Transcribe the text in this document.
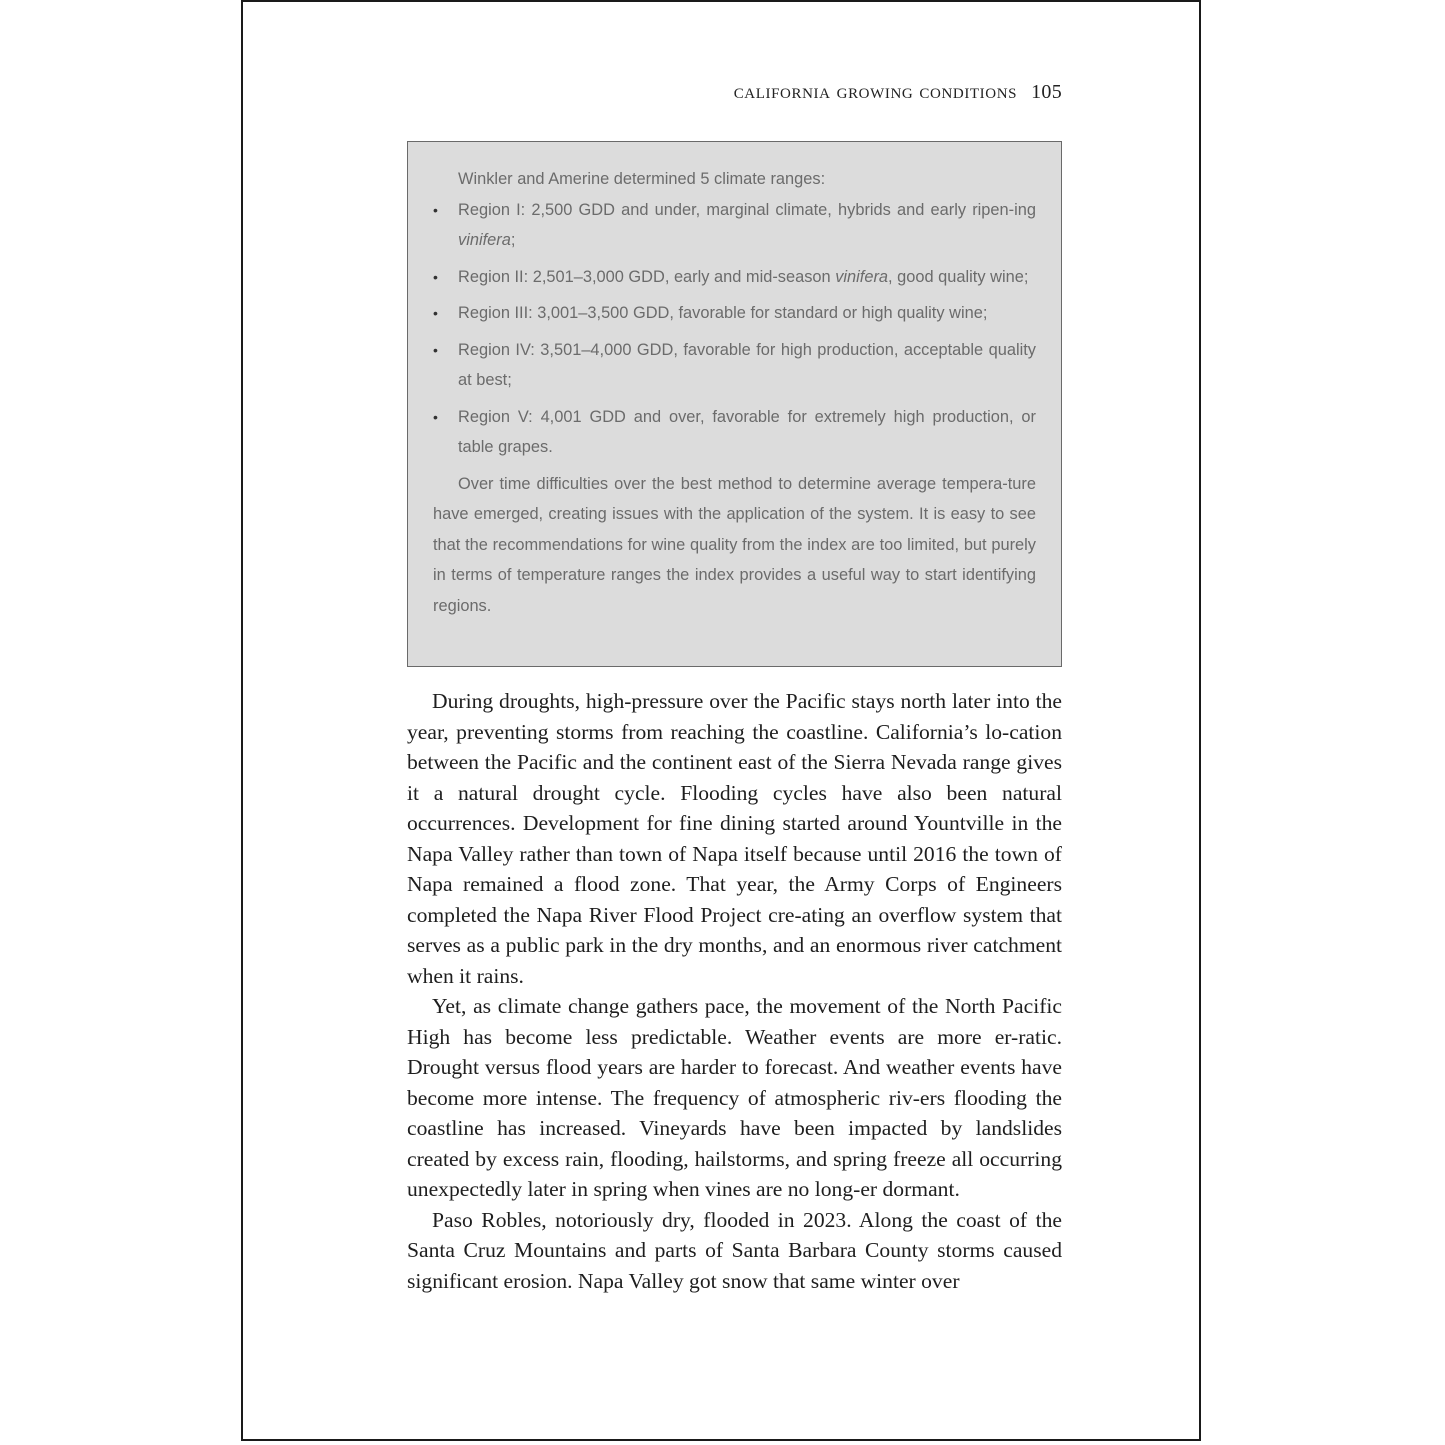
california growing conditions 105

Winkler and Amerine determined 5 climate ranges:

• Region I: 2,500 GDD and under, marginal climate, hybrids and early ripen-ing vinifera;
• Region II: 2,501–3,000 GDD, early and mid-season vinifera, good quality wine;
• Region III: 3,001–3,500 GDD, favorable for standard or high quality wine;
• Region IV: 3,501–4,000 GDD, favorable for high production, acceptable quality at best;
• Region V: 4,001 GDD and over, favorable for extremely high production, or table grapes.

Over time difficulties over the best method to determine average tempera-ture have emerged, creating issues with the application of the system. It is easy to see that the recommendations for wine quality from the index are too limited, but purely in terms of temperature ranges the index provides a useful way to start identifying regions.

During droughts, high-pressure over the Pacific stays north later into the year, preventing storms from reaching the coastline. California’s lo-cation between the Pacific and the continent east of the Sierra Nevada range gives it a natural drought cycle. Flooding cycles have also been natural occurrences. Development for fine dining started around Yountville in the Napa Valley rather than town of Napa itself because until 2016 the town of Napa remained a flood zone. That year, the Army Corps of Engineers completed the Napa River Flood Project cre-ating an overflow system that serves as a public park in the dry months, and an enormous river catchment when it rains.

Yet, as climate change gathers pace, the movement of the North Pacific High has become less predictable. Weather events are more er-ratic. Drought versus flood years are harder to forecast. And weather events have become more intense. The frequency of atmospheric riv-ers flooding the coastline has increased. Vineyards have been impacted by landslides created by excess rain, flooding, hailstorms, and spring freeze all occurring unexpectedly later in spring when vines are no long-er dormant.

Paso Robles, notoriously dry, flooded in 2023. Along the coast of the Santa Cruz Mountains and parts of Santa Barbara County storms caused significant erosion. Napa Valley got snow that same winter over
